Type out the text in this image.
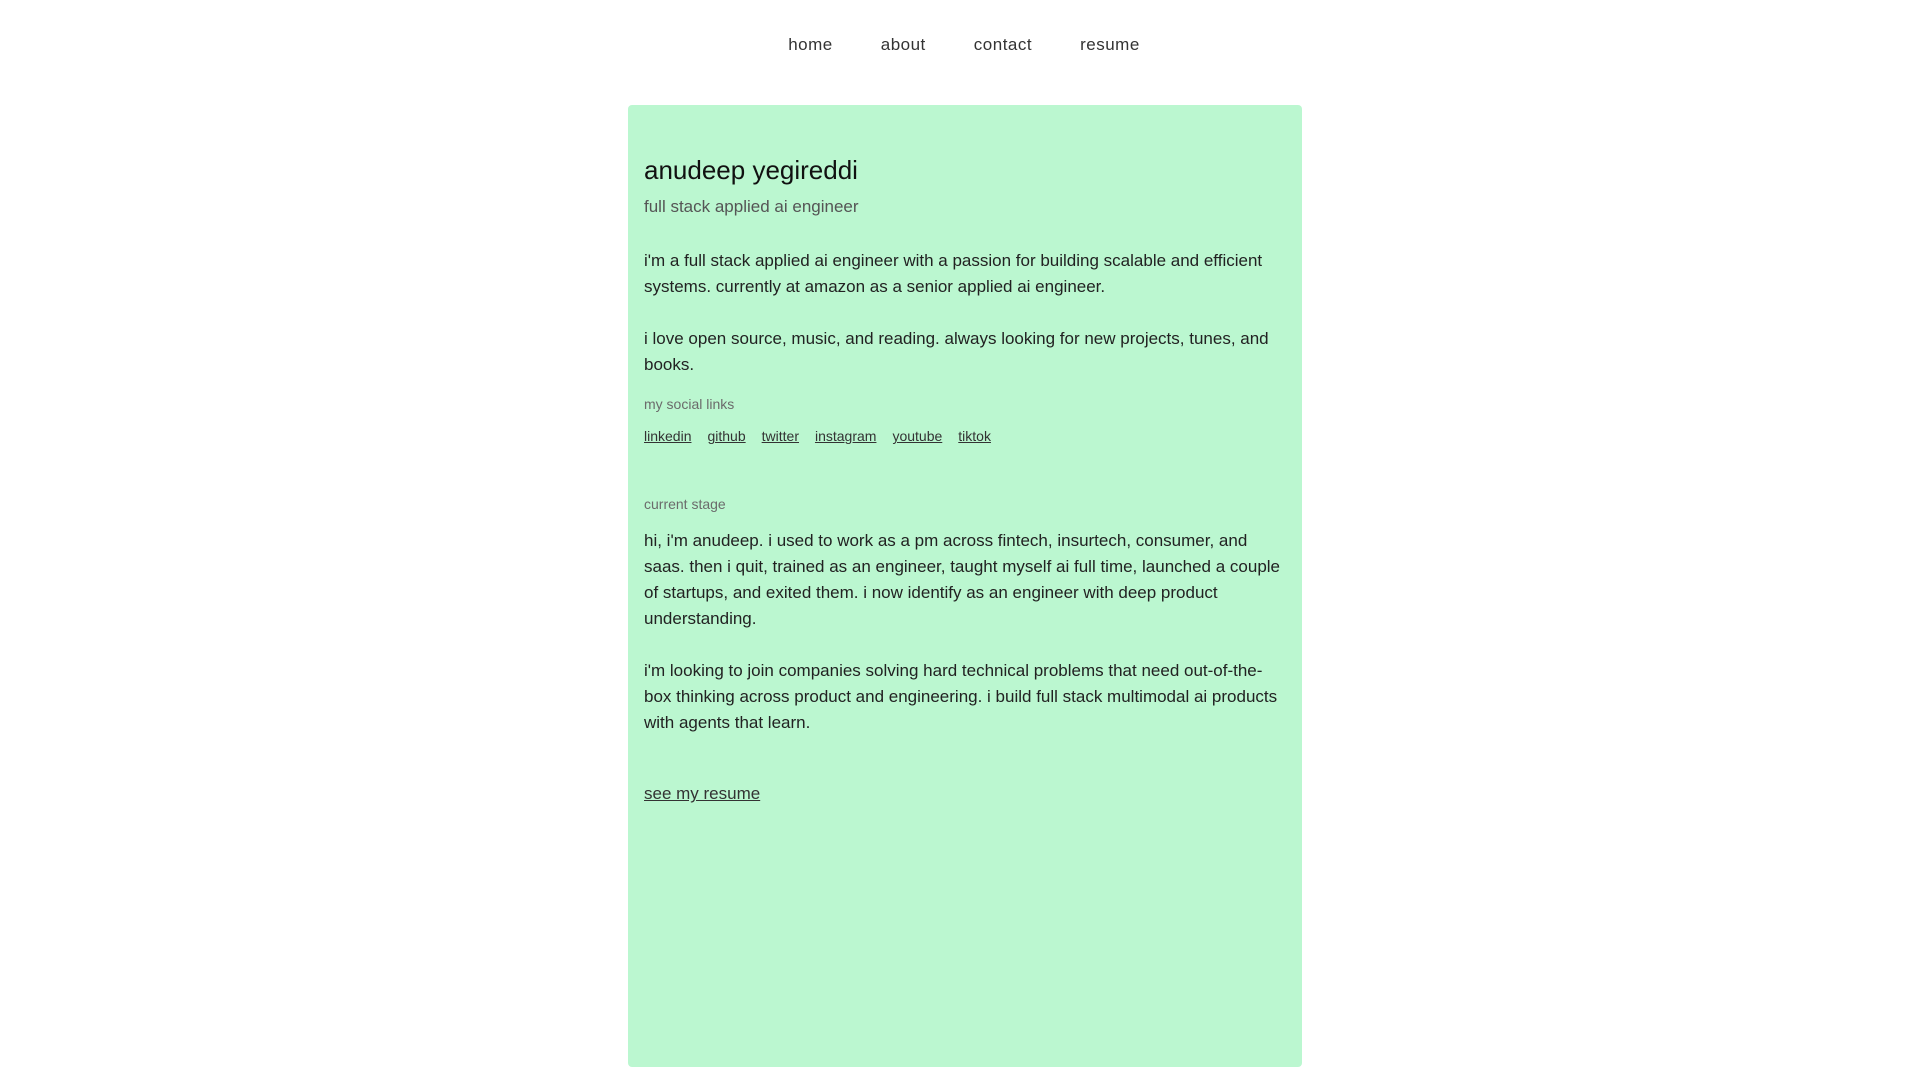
home	about	contact	resume
anudeep yegireddi

full stack applied ai engineer

i'm a full stack applied ai engineer with a passion for building scalable and efficient systems. currently at amazon as a senior applied ai engineer.

i love open source, music, and reading. always looking for new projects, tunes, and books.

my social links

linkedin github twitter instagram youtube tiktok

current stage

hi, i'm anudeep. i used to work as a pm across fintech, insurtech, consumer, and saas. then i quit, trained as an engineer, taught myself ai full time, launched a couple of startups, and exited them. i now identify as an engineer with deep product understanding.

i'm looking to join companies solving hard technical problems that need out-of-the-box thinking across product and engineering. i build full stack multimodal ai products with agents that learn.

see my resume
